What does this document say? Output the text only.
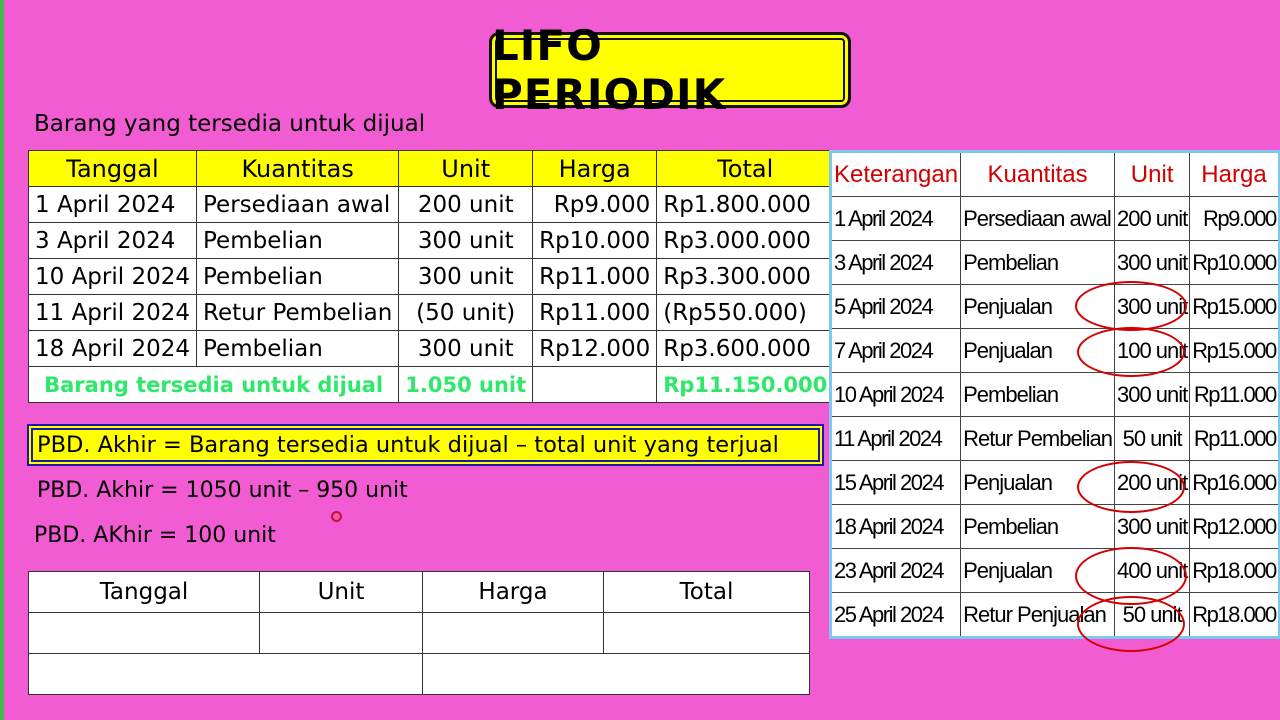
LIFO PERIODIK
Barang yang tersedia untuk dijual
Tanggal	Kuantitas	Unit	Harga	Total
1 April 2024	Persediaan awal	200 unit	Rp9.000	Rp1.800.000
3 April 2024	Pembelian	300 unit	Rp10.000	Rp3.000.000
10 April 2024	Pembelian	300 unit	Rp11.000	Rp3.300.000
11 April 2024	Retur Pembelian	(50 unit)	Rp11.000	(Rp550.000)
18 April 2024	Pembelian	300 unit	Rp12.000	Rp3.600.000
Barang tersedia untuk dijual		1.050 unit		Rp11.150.000
PBD. Akhir = Barang tersedia untuk dijual – total unit yang terjual
PBD. Akhir = 1050 unit – 950 unit
PBD. AKhir = 100 unit
Tanggal	Unit	Harga	Total

Keterangan	Kuantitas	Unit	Harga
1 April 2024	Persediaan awal	200 unit	Rp9.000
3 April 2024	Pembelian	300 unit	Rp10.000
5 April 2024	Penjualan	300 unit	Rp15.000
7 April 2024	Penjualan	100 unit	Rp15.000
10 April 2024	Pembelian	300 unit	Rp11.000
11 April 2024	Retur Pembelian	50 unit	Rp11.000
15 April 2024	Penjualan	200 unit	Rp16.000
18 April 2024	Pembelian	300 unit	Rp12.000
23 April 2024	Penjualan	400 unit	Rp18.000
25 April 2024	Retur Penjualan	50 unit	Rp18.000
